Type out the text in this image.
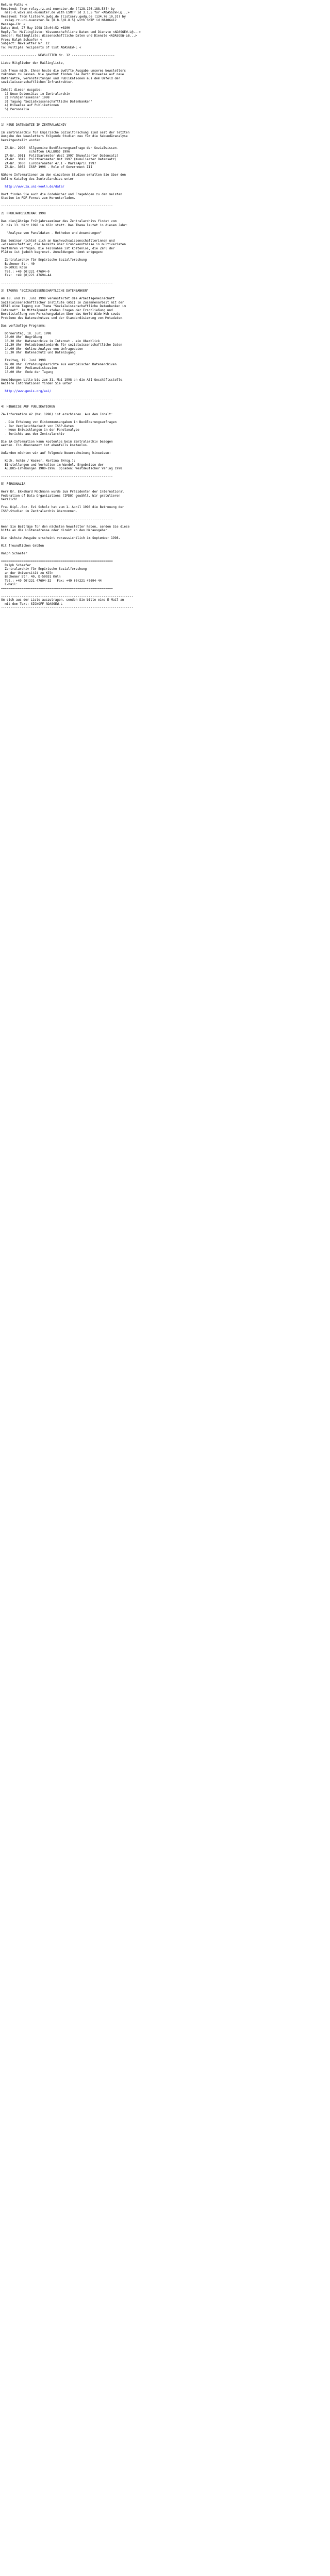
Return-Path: <
Received: from relay.rz.uni-muenster.de ([128.176.188.53]) by
mail-0.wiwi.uni-muenster.de with ESMTP id 3.1.5 for <ADASGEW-L@...>
Received: from listserv.gwdg.de (listserv.gwdg.de [134.76.10.3]) by
relay.rz.uni-muenster.de (8.8.5/8.8.5) with SMTP id NAA06412
Message-ID: <
Date: Wed, 27 May 1998 13:04:52 +0200
Reply-To: Mailingliste: Wissenschaftliche Daten und Dienste <ADASGEW-L@...>
Sender: Mailingliste: Wissenschaftliche Daten und Dienste <ADASGEW-L@...>
From: Ralph Schaefer <
Subject: Newsletter Nr. 12
To: Multiple recipients of list ADASGEW-L <
------------------- NEWSLETTER Nr. 12 -----------------------
Liebe Mitglieder der Mailingliste,
ich freue mich, Ihnen heute die zwölfte Ausgabe unseres Newsletters
zukommen zu lassen. Wie gewohnt finden Sie darin Hinweise auf neue
Datensätze, Veranstaltungen und Publikationen aus dem Umfeld der
sozialwissenschaftlichen Infrastruktur.
Inhalt dieser Ausgabe:
1) Neue Datensätze im Zentralarchiv
2) Frühjahrsseminar 1998
3) Tagung "Sozialwissenschaftliche Datenbanken"
4) Hinweise auf Publikationen
5) Personalia
------------------------------------------------------------
1) NEUE DATENSÄTZE IM ZENTRALARCHIV
Im Zentralarchiv für Empirische Sozialforschung sind seit der letzten
Ausgabe des Newsletters folgende Studien neu für die Sekundäranalyse
bereitgestellt worden:
ZA-Nr. 2990  Allgemeine Bevölkerungsumfrage der Sozialwissen-
schaften (ALLBUS) 1996
ZA-Nr. 3011  Politbarometer West 1997 (Kumulierter Datensatz)
ZA-Nr. 3012  Politbarometer Ost 1997 (Kumulierter Datensatz)
ZA-Nr. 3030  Eurobarometer 47.1 - März/April 1997
ZA-Nr. 3052  ISSP 1996 - Role of Government III
Nähere Informationen zu den einzelnen Studien erhalten Sie über den
Online-Katalog des Zentralarchivs unter
http://www.za.uni-koeln.de/data/
Dort finden Sie auch die Codebücher und Fragebögen zu den meisten
Studien im PDF-Format zum Herunterladen.
------------------------------------------------------------
2) FRÜHJAHRSSEMINAR 1998
Das diesjährige Frühjahrsseminar des Zentralarchivs findet vom
2. bis 13. März 1998 in Köln statt. Das Thema lautet in diesem Jahr:
"Analyse von Paneldaten - Methoden und Anwendungen"
Das Seminar richtet sich an Nachwuchswissenschaftlerinnen und
-wissenschaftler, die bereits über Grundkenntnisse in multivariaten
Verfahren verfügen. Die Teilnahme ist kostenlos, die Zahl der
Plätze ist jedoch begrenzt. Anmeldungen nimmt entgegen:
Zentralarchiv für Empirische Sozialforschung
Bachemer Str. 40
D-50931 Köln
Tel.: +49 (0)221 47694-0
Fax:  +49 (0)221 47694-44
------------------------------------------------------------
3) TAGUNG "SOZIALWISSENSCHAFTLICHE DATENBANKEN"
Am 18. und 19. Juni 1998 veranstaltet die Arbeitsgemeinschaft
Sozialwissenschaftlicher Institute (ASI) in Zusammenarbeit mit der
GESIS eine Tagung zum Thema "Sozialwissenschaftliche Datenbanken im
Internet". Im Mittelpunkt stehen Fragen der Erschließung und
Bereitstellung von Forschungsdaten über das World Wide Web sowie
Probleme des Datenschutzes und der Standardisierung von Metadaten.
Das vorläufige Programm:
Donnerstag, 18. Juni 1998
10.00 Uhr  Begrüßung
10.30 Uhr  Datenarchive im Internet - ein Überblick
11.30 Uhr  Metadatenstandards für sozialwissenschaftliche Daten
14.00 Uhr  Online-Analyse von Umfragedaten
15.30 Uhr  Datenschutz und Datenzugang
Freitag, 19. Juni 1998
09.00 Uhr  Erfahrungsberichte aus europäischen Datenarchiven
11.00 Uhr  Podiumsdiskussion
13.00 Uhr  Ende der Tagung
Anmeldungen bitte bis zum 31. Mai 1998 an die ASI-Geschäftsstelle.
Weitere Informationen finden Sie unter
http://www.gesis.org/asi/
------------------------------------------------------------
4) HINWEISE AUF PUBLIKATIONEN
ZA-Information 42 (Mai 1998) ist erschienen. Aus dem Inhalt:
- Die Erhebung von Einkommensangaben in Bevölkerungsumfragen
- Zur Vergleichbarkeit von ISSP-Daten
- Neue Entwicklungen in der Panelanalyse
- Berichte aus dem Zentralarchiv
Die ZA-Information kann kostenlos beim Zentralarchiv bezogen
werden. Ein Abonnement ist ebenfalls kostenlos.
Außerdem möchten wir auf folgende Neuerscheinung hinweisen:
Koch, Achim / Wasmer, Martina (Hrsg.):
Einstellungen und Verhalten im Wandel. Ergebnisse der
ALLBUS-Erhebungen 1980-1996. Opladen: Westdeutscher Verlag 1998.
------------------------------------------------------------
5) PERSONALIA
Herr Dr. Ekkehard Mochmann wurde zum Präsidenten der International
Federation of Data Organizations (IFDO) gewählt. Wir gratulieren
herzlich!
Frau Dipl.-Soz. Evi Scholz hat zum 1. April 1998 die Betreuung der
ISSP-Studien im Zentralarchiv übernommen.
------------------------------------------------------------
Wenn Sie Beiträge für den nächsten Newsletter haben, senden Sie diese
bitte an die Listenadresse oder direkt an den Herausgeber.
Die nächste Ausgabe erscheint voraussichtlich im September 1998.
Mit freundlichen Grüßen
Ralph Schaefer
============================================================
Ralph Schaefer
Zentralarchiv für Empirische Sozialforschung
an der Universität zu Köln
Bachemer Str. 40, D-50931 Köln
Tel.: +49 (0)221 47694-32   Fax: +49 (0)221 47694-44
E-Mail:
============================================================
-----------------------------------------------------------------------
Um sich aus der Liste auszutragen, senden Sie bitte eine E-Mail an
mit dem Text: SIGNOFF ADASGEW-L
-----------------------------------------------------------------------
